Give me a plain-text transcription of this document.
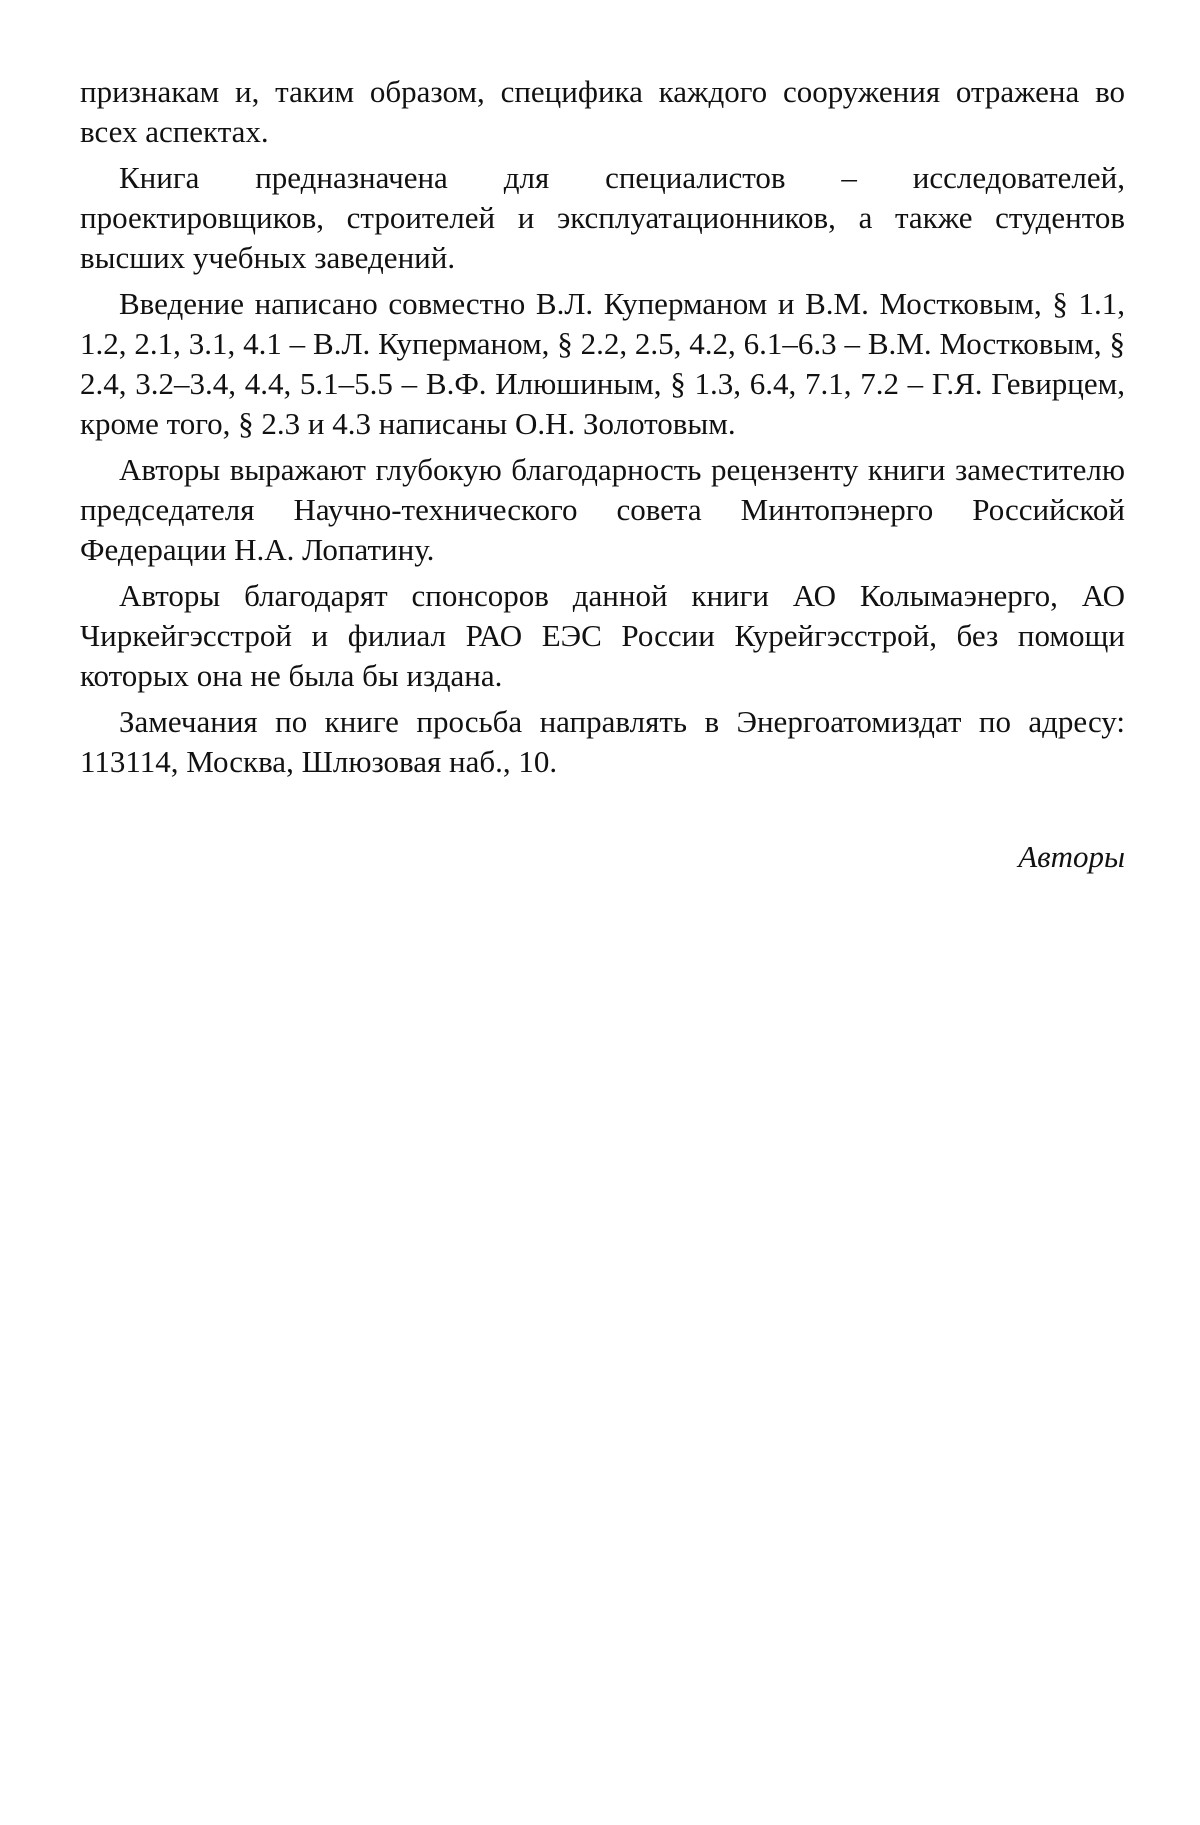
признакам и, таким образом, специфика каждого сооружения отражена во всех аспектах.

Книга предназначена для специалистов – исследователей, проектировщиков, строителей и эксплуатационников, а также студентов высших учебных заведений.

Введение написано совместно В.Л. Куперманом и В.М. Мостковым, § 1.1, 1.2, 2.1, 3.1, 4.1 – В.Л. Куперманом, § 2.2, 2.5, 4.2, 6.1–6.3 – В.М. Мостковым, § 2.4, 3.2–3.4, 4.4, 5.1–5.5 – В.Ф. Илюшиным, § 1.3, 6.4, 7.1, 7.2 – Г.Я. Гевирцем, кроме того, § 2.3 и 4.3 написаны О.Н. Золотовым.

Авторы выражают глубокую благодарность рецензенту книги заместителю председателя Научно-технического совета Минтопэнерго Российской Федерации Н.А. Лопатину.

Авторы благодарят спонсоров данной книги АО Колымаэнерго, АО Чиркейгэсстрой и филиал РАО ЕЭС России Курейгэсстрой, без помощи которых она не была бы издана.

Замечания по книге просьба направлять в Энергоатомиздат по адресу: 113114, Москва, Шлюзовая наб., 10.

Авторы
